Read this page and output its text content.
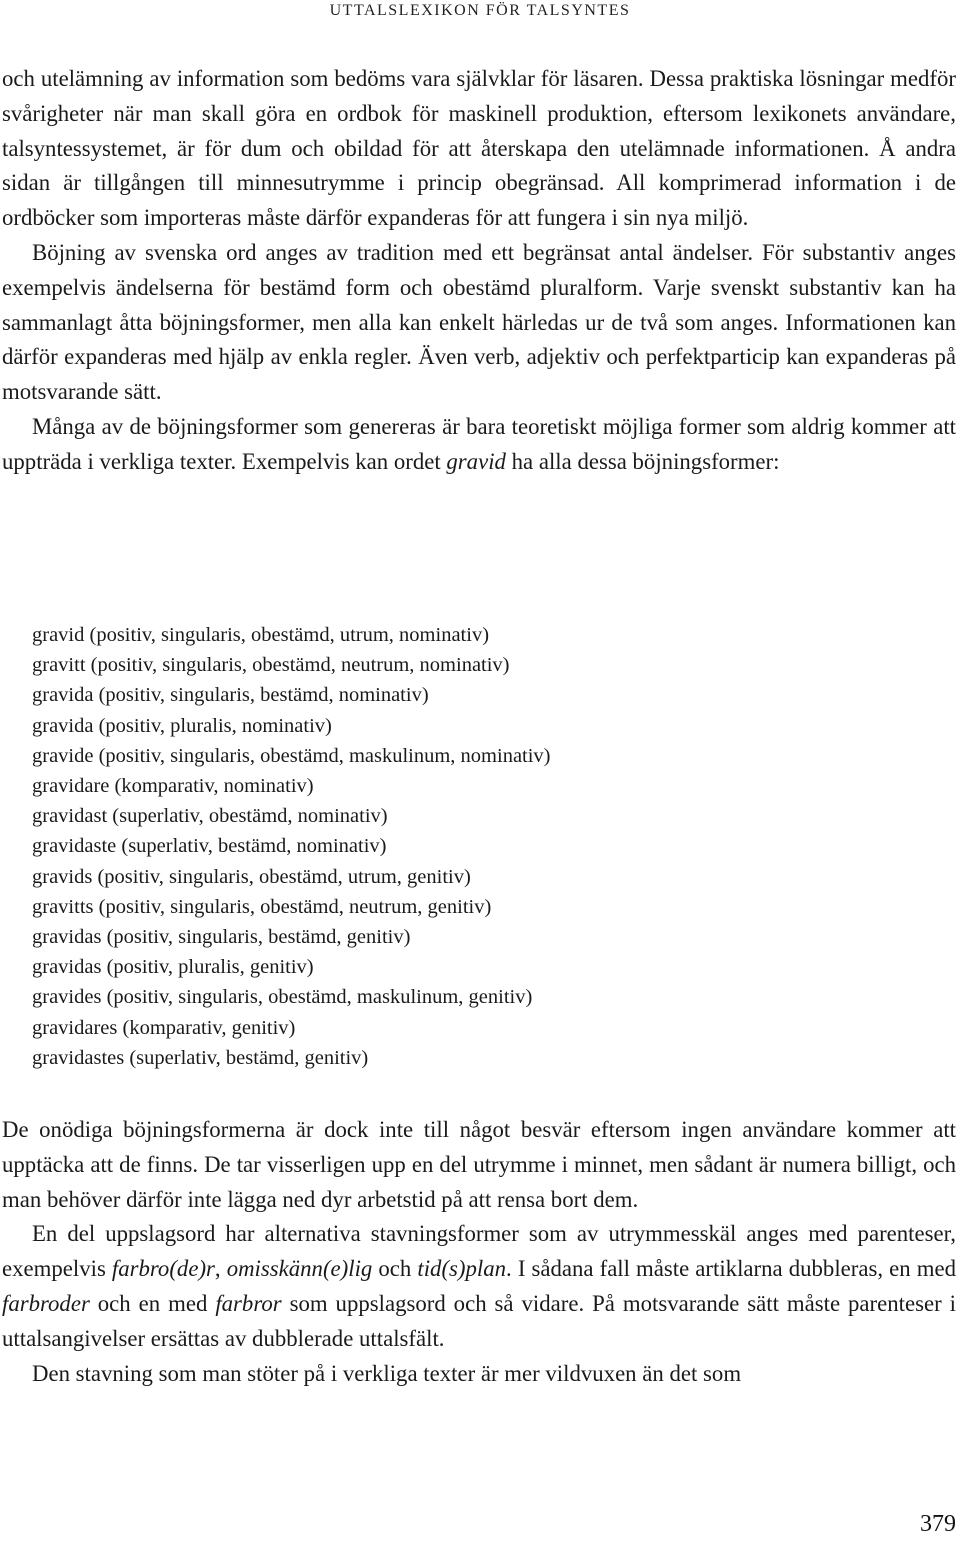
UTTALSLEXIKON FÖR TALSYNTES

och utelämning av information som bedöms vara självklar för läsaren. Dessa praktiska lösningar medför svårigheter när man skall göra en ordbok för maskinell produktion, eftersom lexikonets användare, talsyntessystemet, är för dum och obildad för att återskapa den utelämnade informationen. Å andra sidan är tillgången till minnesutrymme i princip obegränsad. All komprimerad information i de ordböcker som importeras måste därför expanderas för att fungera i sin nya miljö.

Böjning av svenska ord anges av tradition med ett begränsat antal ändelser. För substantiv anges exempelvis ändelserna för bestämd form och obestämd pluralform. Varje svenskt substantiv kan ha sammanlagt åtta böjningsformer, men alla kan enkelt härledas ur de två som anges. Informationen kan därför expanderas med hjälp av enkla regler. Även verb, adjektiv och perfektparticip kan expanderas på motsvarande sätt.

Många av de böjningsformer som genereras är bara teoretiskt möjliga former som aldrig kommer att uppträda i verkliga texter. Exempelvis kan ordet gravid ha alla dessa böjningsformer:

gravid (positiv, singularis, obestämd, utrum, nominativ)
gravitt (positiv, singularis, obestämd, neutrum, nominativ)
gravida (positiv, singularis, bestämd, nominativ)
gravida (positiv, pluralis, nominativ)
gravide (positiv, singularis, obestämd, maskulinum, nominativ)
gravidare (komparativ, nominativ)
gravidast (superlativ, obestämd, nominativ)
gravidaste (superlativ, bestämd, nominativ)
gravids (positiv, singularis, obestämd, utrum, genitiv)
gravitts (positiv, singularis, obestämd, neutrum, genitiv)
gravidas (positiv, singularis, bestämd, genitiv)
gravidas (positiv, pluralis, genitiv)
gravides (positiv, singularis, obestämd, maskulinum, genitiv)
gravidares (komparativ, genitiv)
gravidastes (superlativ, bestämd, genitiv)

De onödiga böjningsformerna är dock inte till något besvär eftersom ingen användare kommer att upptäcka att de finns. De tar visserligen upp en del utrymme i minnet, men sådant är numera billigt, och man behöver därför inte lägga ned dyr arbetstid på att rensa bort dem.

En del uppslagsord har alternativa stavningsformer som av utrymmesskäl anges med parenteser, exempelvis farbro(de)r, omisskänn(e)lig och tid(s)plan. I sådana fall måste artiklarna dubbleras, en med farbroder och en med farbror som uppslagsord och så vidare. På motsvarande sätt måste parenteser i uttalsangivelser ersättas av dubblerade uttalsfält.

Den stavning som man stöter på i verkliga texter är mer vildvuxen än det som

379
